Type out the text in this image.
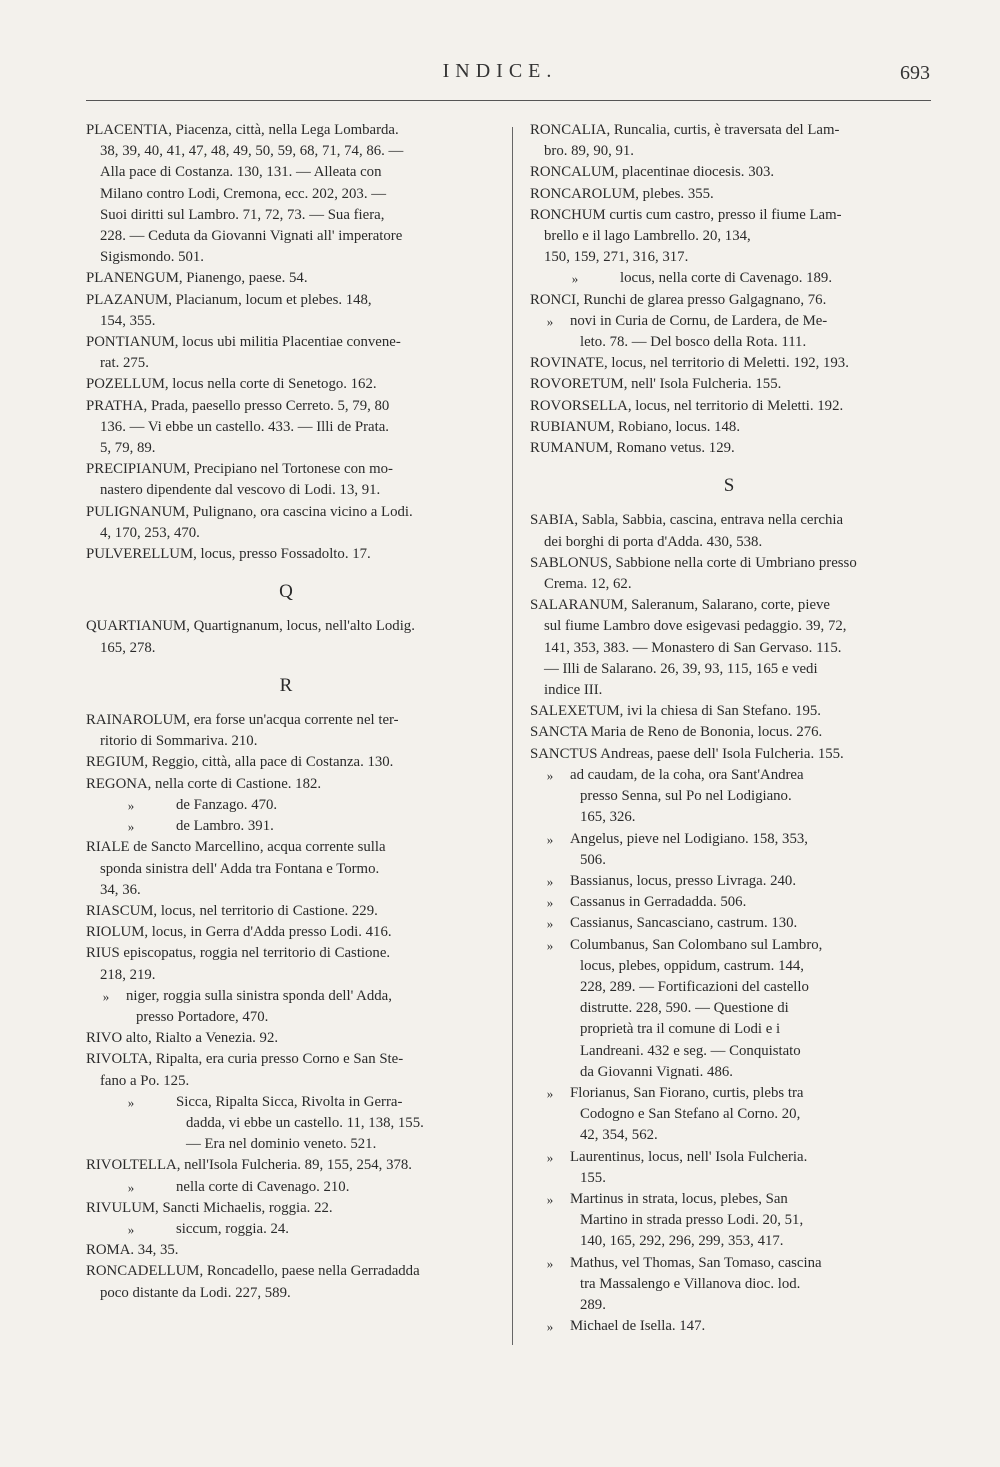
INDICE.	693
PLACENTIA, Piacenza, città, nella Lega Lombarda.
38, 39, 40, 41, 47, 48, 49, 50, 59, 68, 71, 74, 86. —
Alla pace di Costanza. 130, 131. — Alleata con
Milano contro Lodi, Cremona, ecc. 202, 203. —
Suoi diritti sul Lambro. 71, 72, 73. — Sua fiera,
228. — Ceduta da Giovanni Vignati all' imperatore
Sigismondo. 501.
PLANENGUM, Pianengo, paese. 54.
PLAZANUM, Placianum, locum et plebes. 148,
154, 355.
PONTIANUM, locus ubi militia Placentiae convene-
rat. 275.
POZELLUM, locus nella corte di Senetogo. 162.
PRATHA, Prada, paesello presso Cerreto. 5, 79, 80
136. — Vi ebbe un castello. 433. — Illi de Prata.
5, 79, 89.
PRECIPIANUM, Precipiano nel Tortonese con mo-
nastero dipendente dal vescovo di Lodi. 13, 91.
PULIGNANUM, Pulignano, ora cascina vicino a Lodi.
4, 170, 253, 470.
PULVERELLUM, locus, presso Fossadolto. 17.
Q
QUARTIANUM, Quartignanum, locus, nell'alto Lodig.
165, 278.
R
RAINAROLUM, era forse un'acqua corrente nel ter-
ritorio di Sommariva. 210.
REGIUM, Reggio, città, alla pace di Costanza. 130.
REGONA, nella corte di Castione. 182.
»	de Fanzago. 470.
»	de Lambro. 391.
RIALE de Sancto Marcellino, acqua corrente sulla
sponda sinistra dell' Adda tra Fontana e Tormo.
34, 36.
RIASCUM, locus, nel territorio di Castione. 229.
RIOLUM, locus, in Gerra d'Adda presso Lodi. 416.
RIUS episcopatus, roggia nel territorio di Castione.
218, 219.
»	niger, roggia sulla sinistra sponda dell' Adda,
presso Portadore, 470.
RIVO alto, Rialto a Venezia. 92.
RIVOLTA, Ripalta, era curia presso Corno e San Ste-
fano a Po. 125.
»	Sicca, Ripalta Sicca, Rivolta in Gerra-
dadda, vi ebbe un castello. 11, 138, 155.
— Era nel dominio veneto. 521.
RIVOLTELLA, nell'Isola Fulcheria. 89, 155, 254, 378.
»	nella corte di Cavenago. 210.
RIVULUM, Sancti Michaelis, roggia. 22.
»	siccum, roggia. 24.
ROMA. 34, 35.
RONCADELLUM, Roncadello, paese nella Gerradadda
poco distante da Lodi. 227, 589.
RONCALIA, Runcalia, curtis, è traversata del Lam-
bro. 89, 90, 91.
RONCALUM, placentinae diocesis. 303.
RONCAROLUM, plebes. 355.
RONCHUM curtis cum castro, presso il fiume Lam-
brello e il lago Lambrello. 20, 134,
150, 159, 271, 316, 317.
»	locus, nella corte di Cavenago. 189.
RONCI, Runchi de glarea presso Galgagnano, 76.
»	novi in Curia de Cornu, de Lardera, de Me-
leto. 78. — Del bosco della Rota. 111.
ROVINATE, locus, nel territorio di Meletti. 192, 193.
ROVORETUM, nell' Isola Fulcheria. 155.
ROVORSELLA, locus, nel territorio di Meletti. 192.
RUBIANUM, Robiano, locus. 148.
RUMANUM, Romano vetus. 129.
S
SABIA, Sabla, Sabbia, cascina, entrava nella cerchia
dei borghi di porta d'Adda. 430, 538.
SABLONUS, Sabbione nella corte di Umbriano presso
Crema. 12, 62.
SALARANUM, Saleranum, Salarano, corte, pieve
sul fiume Lambro dove esigevasi pedaggio. 39, 72,
141, 353, 383. — Monastero di San Gervaso. 115.
— Illi de Salarano. 26, 39, 93, 115, 165 e vedi
indice III.
SALEXETUM, ivi la chiesa di San Stefano. 195.
SANCTA Maria de Reno de Bononia, locus. 276.
SANCTUS Andreas, paese dell' Isola Fulcheria. 155.
»	ad caudam, de la coha, ora Sant'Andrea
presso Senna, sul Po nel Lodigiano.
165, 326.
»	Angelus, pieve nel Lodigiano. 158, 353,
506.
»	Bassianus, locus, presso Livraga. 240.
»	Cassanus in Gerradadda. 506.
»	Cassianus, Sancasciano, castrum. 130.
»	Columbanus, San Colombano sul Lambro,
locus, plebes, oppidum, castrum. 144,
228, 289. — Fortificazioni del castello
distrutte. 228, 590. — Questione di
proprietà tra il comune di Lodi e i
Landreani. 432 e seg. — Conquistato
da Giovanni Vignati. 486.
»	Florianus, San Fiorano, curtis, plebs tra
Codogno e San Stefano al Corno. 20,
42, 354, 562.
»	Laurentinus, locus, nell' Isola Fulcheria.
155.
»	Martinus in strata, locus, plebes, San
Martino in strada presso Lodi. 20, 51,
140, 165, 292, 296, 299, 353, 417.
»	Mathus, vel Thomas, San Tomaso, cascina
tra Massalengo e Villanova dioc. lod.
289.
»	Michael de Isella. 147.
